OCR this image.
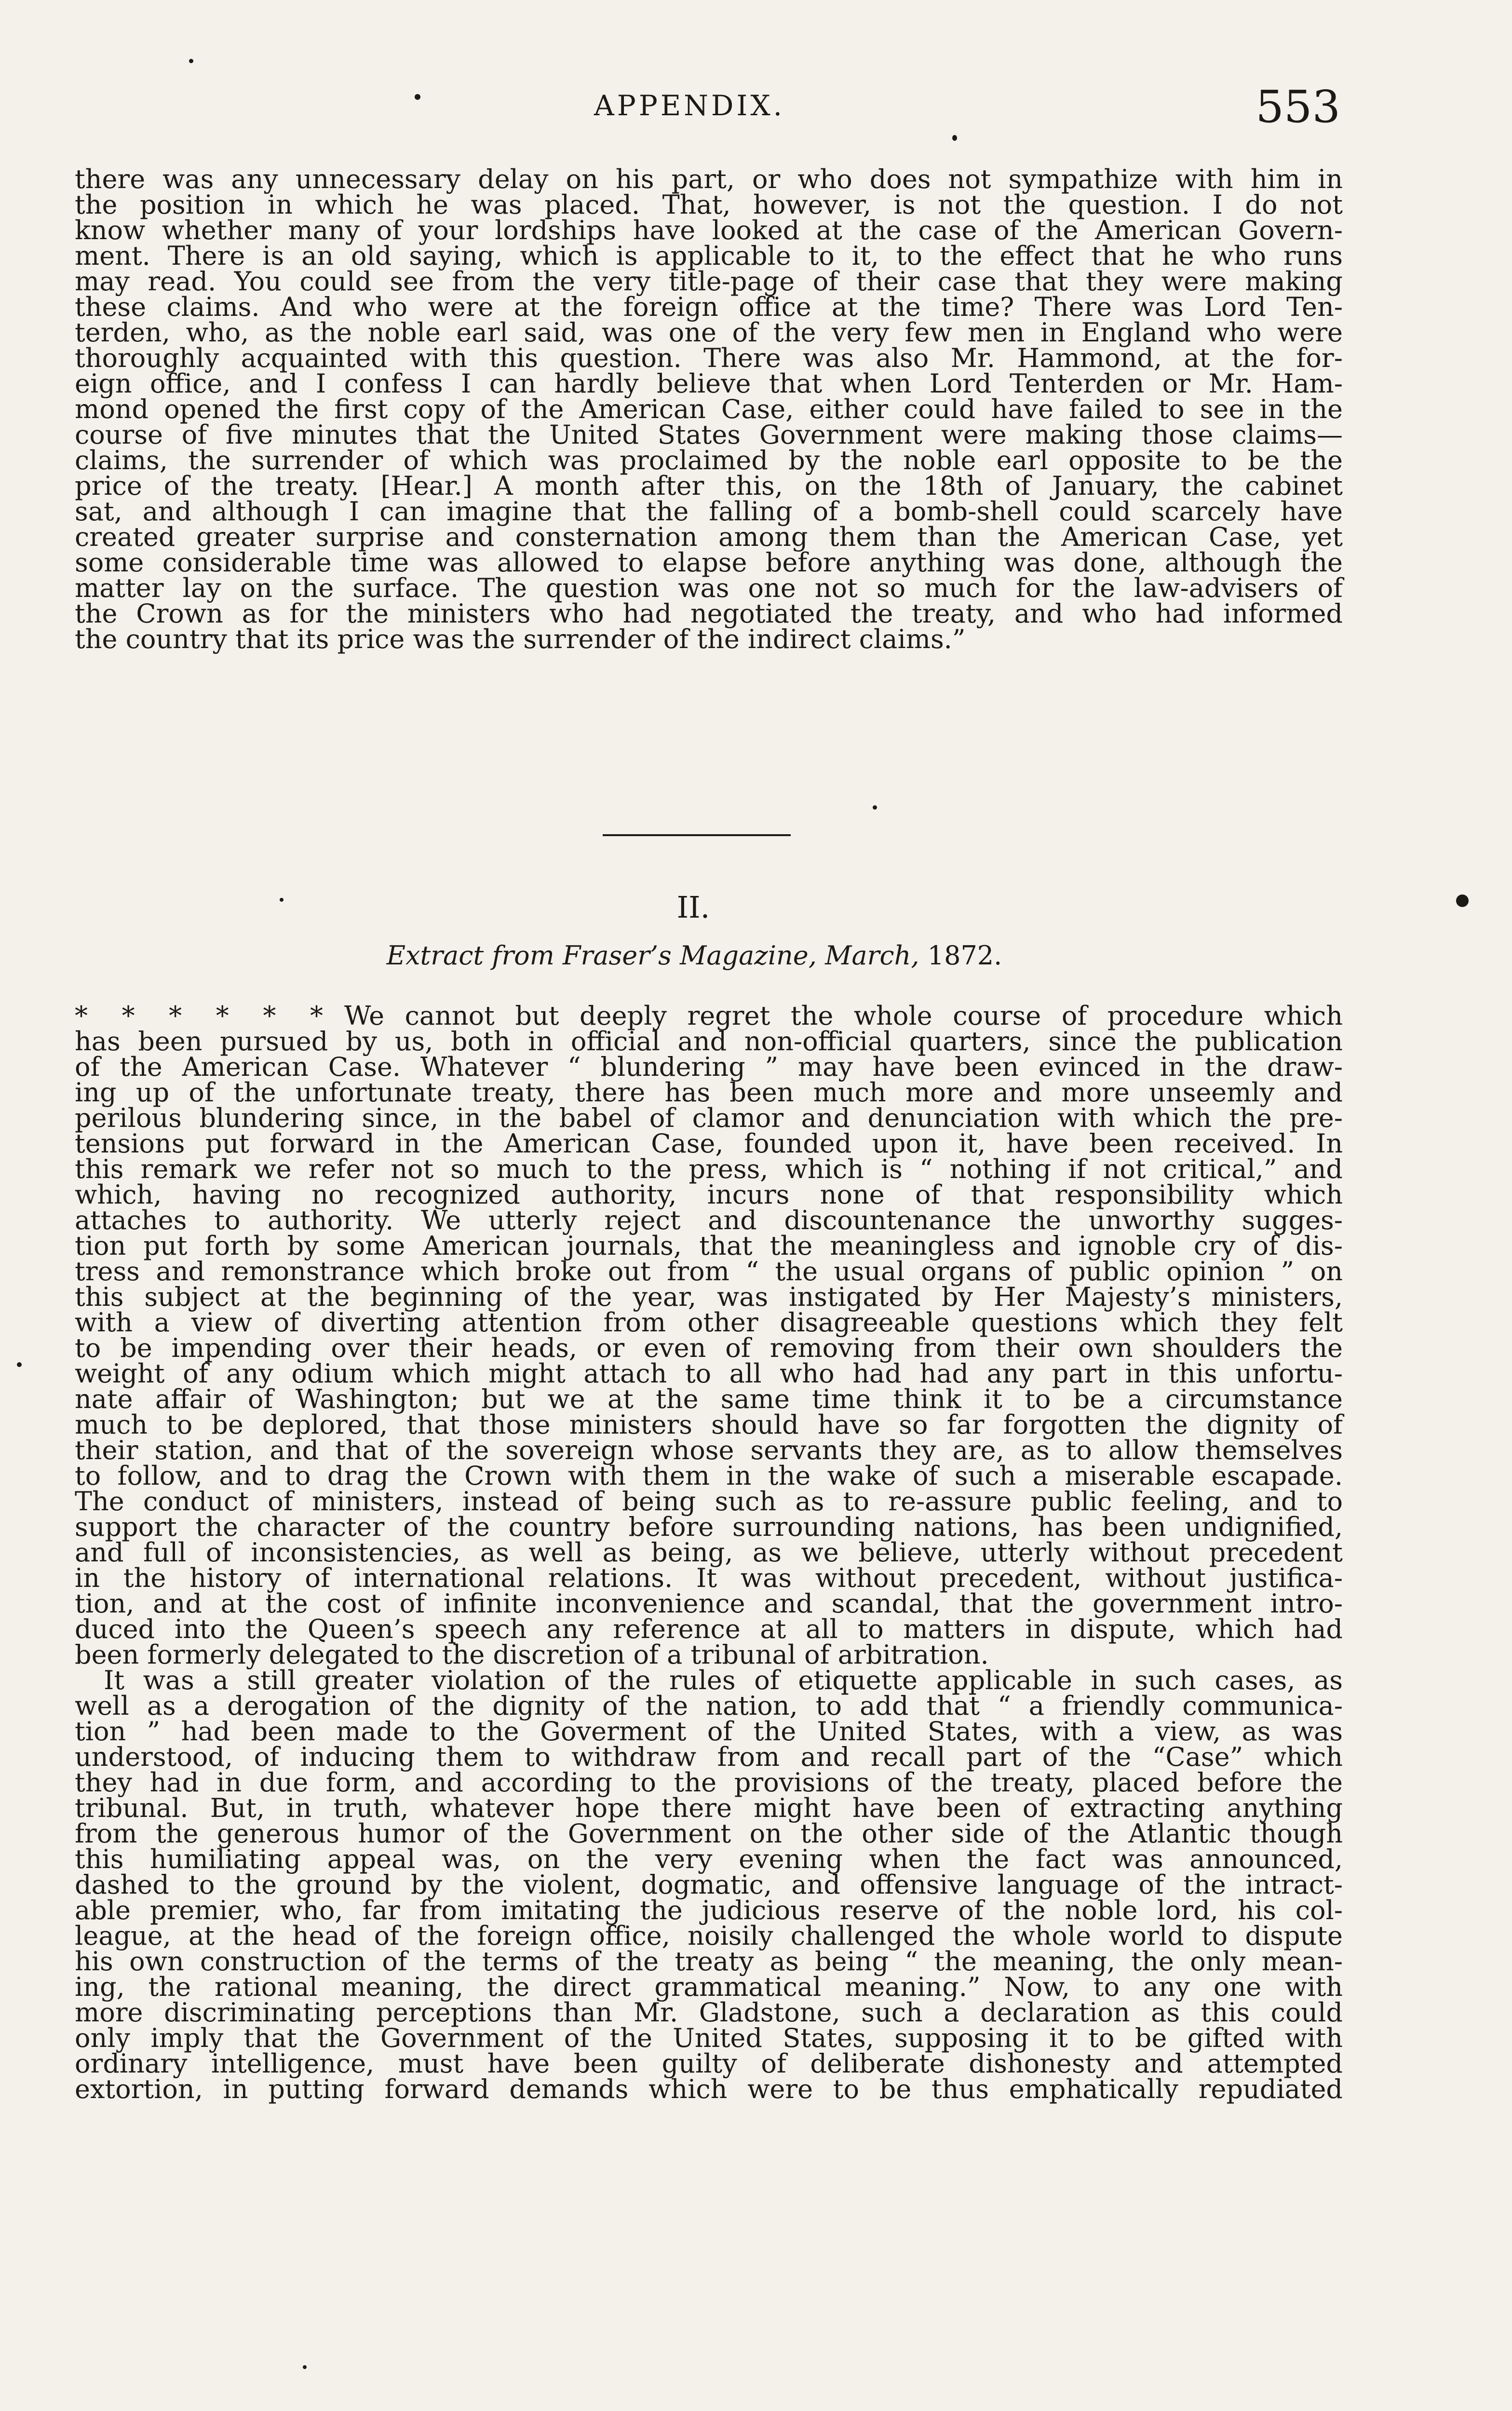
APPENDIX.	553
there was any unnecessary delay on his part, or who does not sympathize with him in
the position in which he was placed. That, however, is not the question. I do not
know whether many of your lordships have looked at the case of the American Govern-
ment. There is an old saying, which is applicable to it, to the effect that he who runs
may read. You could see from the very title-page of their case that they were making
these claims. And who were at the foreign office at the time? There was Lord Ten-
terden, who, as the noble earl said, was one of the very few men in England who were
thoroughly acquainted with this question. There was also Mr. Hammond, at the for-
eign office, and I confess I can hardly believe that when Lord Tenterden or Mr. Ham-
mond opened the first copy of the American Case, either could have failed to see in the
course of five minutes that the United States Government were making those claims—
claims, the surrender of which was proclaimed by the noble earl opposite to be the
price of the treaty. [Hear.] A month after this, on the 18th of January, the cabinet
sat, and although I can imagine that the falling of a bomb-shell could scarcely have
created greater surprise and consternation among them than the American Case, yet
some considerable time was allowed to elapse before anything was done, although the
matter lay on the surface. The question was one not so much for the law-advisers of
the Crown as for the ministers who had negotiated the treaty, and who had informed
the country that its price was the surrender of the indirect claims.”
II.
Extract from Fraser’s Magazine, March, 1872.
* * * * * * We cannot but deeply regret the whole course of procedure which
has been pursued by us, both in official and non-official quarters, since the publication
of the American Case. Whatever “ blundering ” may have been evinced in the draw-
ing up of the unfortunate treaty, there has been much more and more unseemly and
perilous blundering since, in the babel of clamor and denunciation with which the pre-
tensions put forward in the American Case, founded upon it, have been received. In
this remark we refer not so much to the press, which is “ nothing if not critical,” and
which, having no recognized authority, incurs none of that responsibility which
attaches to authority. We utterly reject and discountenance the unworthy sugges-
tion put forth by some American journals, that the meaningless and ignoble cry of dis-
tress and remonstrance which broke out from “ the usual organs of public opinion ” on
this subject at the beginning of the year, was instigated by Her Majesty’s ministers,
with a view of diverting attention from other disagreeable questions which they felt
to be impending over their heads, or even of removing from their own shoulders the
weight of any odium which might attach to all who had had any part in this unfortu-
nate affair of Washington; but we at the same time think it to be a circumstance
much to be deplored, that those ministers should have so far forgotten the dignity of
their station, and that of the sovereign whose servants they are, as to allow themselves
to follow, and to drag the Crown with them in the wake of such a miserable escapade.
The conduct of ministers, instead of being such as to re-assure public feeling, and to
support the character of the country before surrounding nations, has been undignified,
and full of inconsistencies, as well as being, as we believe, utterly without precedent
in the history of international relations. It was without precedent, without justifica-
tion, and at the cost of infinite inconvenience and scandal, that the government intro-
duced into the Queen’s speech any reference at all to matters in dispute, which had
been formerly delegated to the discretion of a tribunal of arbitration.
It was a still greater violation of the rules of etiquette applicable in such cases, as
well as a derogation of the dignity of the nation, to add that “ a friendly communica-
tion ” had been made to the Goverment of the United States, with a view, as was
understood, of inducing them to withdraw from and recall part of the “Case” which
they had in due form, and according to the provisions of the treaty, placed before the
tribunal. But, in truth, whatever hope there might have been of extracting anything
from the generous humor of the Government on the other side of the Atlantic though
this humiliating appeal was, on the very evening when the fact was announced,
dashed to the ground by the violent, dogmatic, and offensive language of the intract-
able premier, who, far from imitating the judicious reserve of the noble lord, his col-
league, at the head of the foreign office, noisily challenged the whole world to dispute
his own construction of the terms of the treaty as being “ the meaning, the only mean-
ing, the rational meaning, the direct grammatical meaning.” Now, to any one with
more discriminating perceptions than Mr. Gladstone, such a declaration as this could
only imply that the Government of the United States, supposing it to be gifted with
ordinary intelligence, must have been guilty of deliberate dishonesty and attempted
extortion, in putting forward demands which were to be thus emphatically repudiated
